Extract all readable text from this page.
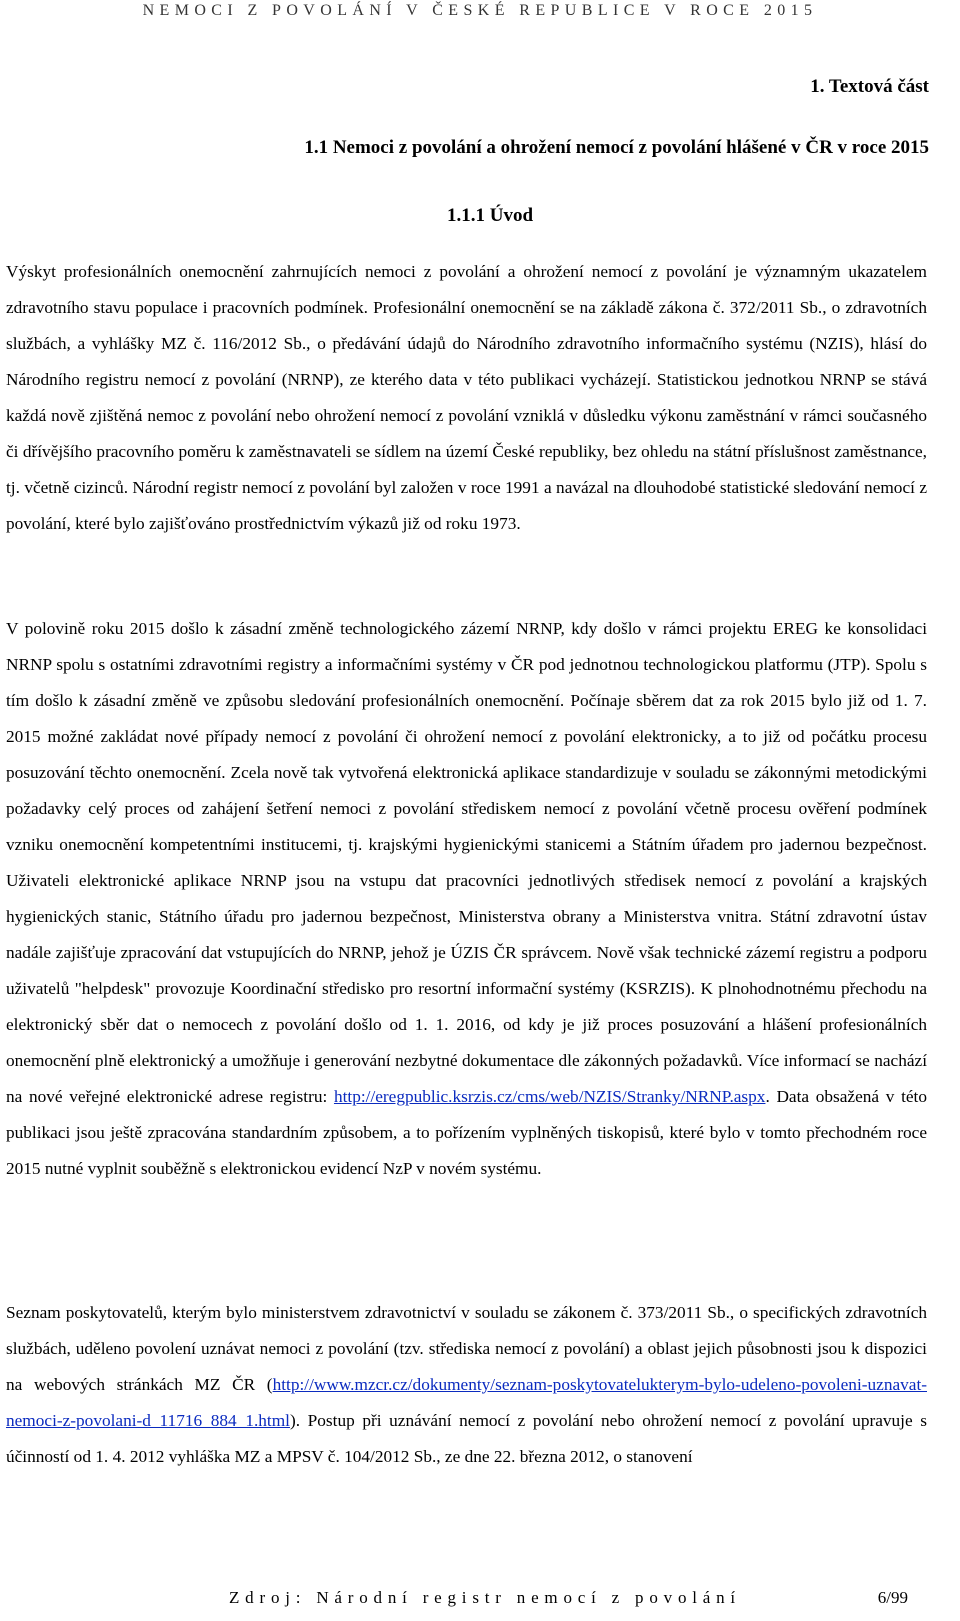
NEMOCI Z POVOLÁNÍ V ČESKÉ REPUBLICE V ROCE 2015
1. Textová část
1.1 Nemoci z povolání a ohrožení nemocí z povolání hlášené v ČR v roce 2015
1.1.1 Úvod

Výskyt profesionálních onemocnění zahrnujících nemoci z povolání a ohrožení nemocí z povolání je významným ukazatelem zdravotního stavu populace i pracovních podmínek. Profesionální onemocnění se na základě zákona č. 372/2011 Sb., o zdravotních službách, a vyhlášky MZ č. 116/2012 Sb., o předávání údajů do Národního zdravotního informačního systému (NZIS), hlásí do Národního registru nemocí z povolání (NRNP), ze kterého data v této publikaci vycházejí. Statistickou jednotkou NRNP se stává každá nově zjištěná nemoc z povolání nebo ohrožení nemocí z povolání vzniklá v důsledku výkonu zaměstnání v rámci současného či dřívějšího pracovního poměru k zaměstnavateli se sídlem na území České republiky, bez ohledu na státní příslušnost zaměstnance, tj. včetně cizinců. Národní registr nemocí z povolání byl založen v roce 1991 a navázal na dlouhodobé statistické sledování nemocí z povolání, které bylo zajišťováno prostřednictvím výkazů již od roku 1973.

V polovině roku 2015 došlo k zásadní změně technologického zázemí NRNP, kdy došlo v rámci projektu EREG ke konsolidaci NRNP spolu s ostatními zdravotními registry a informačními systémy v ČR pod jednotnou technologickou platformu (JTP). Spolu s tím došlo k zásadní změně ve způsobu sledování profesionálních onemocnění. Počínaje sběrem dat za rok 2015 bylo již od 1. 7. 2015 možné zakládat nové případy nemocí z povolání či ohrožení nemocí z povolání elektronicky, a to již od počátku procesu posuzování těchto onemocnění. Zcela nově tak vytvořená elektronická aplikace standardizuje v souladu se zákonnými metodickými požadavky celý proces od zahájení šetření nemoci z povolání střediskem nemocí z povolání včetně procesu ověření podmínek vzniku onemocnění kompetentními institucemi, tj. krajskými hygienickými stanicemi a Státním úřadem pro jadernou bezpečnost. Uživateli elektronické aplikace NRNP jsou na vstupu dat pracovníci jednotlivých středisek nemocí z povolání a krajských hygienických stanic, Státního úřadu pro jadernou bezpečnost, Ministerstva obrany a Ministerstva vnitra. Státní zdravotní ústav nadále zajišťuje zpracování dat vstupujících do NRNP, jehož je ÚZIS ČR správcem. Nově však technické zázemí registru a podporu uživatelů "helpdesk" provozuje Koordinační středisko pro resortní informační systémy (KSRZIS). K plnohodnotnému přechodu na elektronický sběr dat o nemocech z povolání došlo od 1. 1. 2016, od kdy je již proces posuzování a hlášení profesionálních onemocnění plně elektronický a umožňuje i generování nezbytné dokumentace dle zákonných požadavků. Více informací se nachází na nové veřejné elektronické adrese registru: http://eregpublic.ksrzis.cz/cms/web/NZIS/Stranky/NRNP.aspx. Data obsažená v této publikaci jsou ještě zpracována standardním způsobem, a to pořízením vyplněných tiskopisů, které bylo v tomto přechodném roce 2015 nutné vyplnit souběžně s elektronickou evidencí NzP v novém systému.

Seznam poskytovatelů, kterým bylo ministerstvem zdravotnictví v souladu se zákonem č. 373/2011 Sb., o specifických zdravotních službách, uděleno povolení uznávat nemoci z povolání (tzv. střediska nemocí z povolání) a oblast jejich působnosti jsou k dispozici na webových stránkách MZ ČR (http://www.mzcr.cz/dokumenty/seznam-poskytovatelukterym-bylo-udeleno-povoleni-uznavat-nemoci-z-povolani-d_11716_884_1.html). Postup při uznávání nemocí z povolání nebo ohrožení nemocí z povolání upravuje s účinností od 1. 4. 2012 vyhláška MZ a MPSV č. 104/2012 Sb., ze dne 22. března 2012, o stanovení

Zdroj: Národní registr nemocí z povolání	6/99
